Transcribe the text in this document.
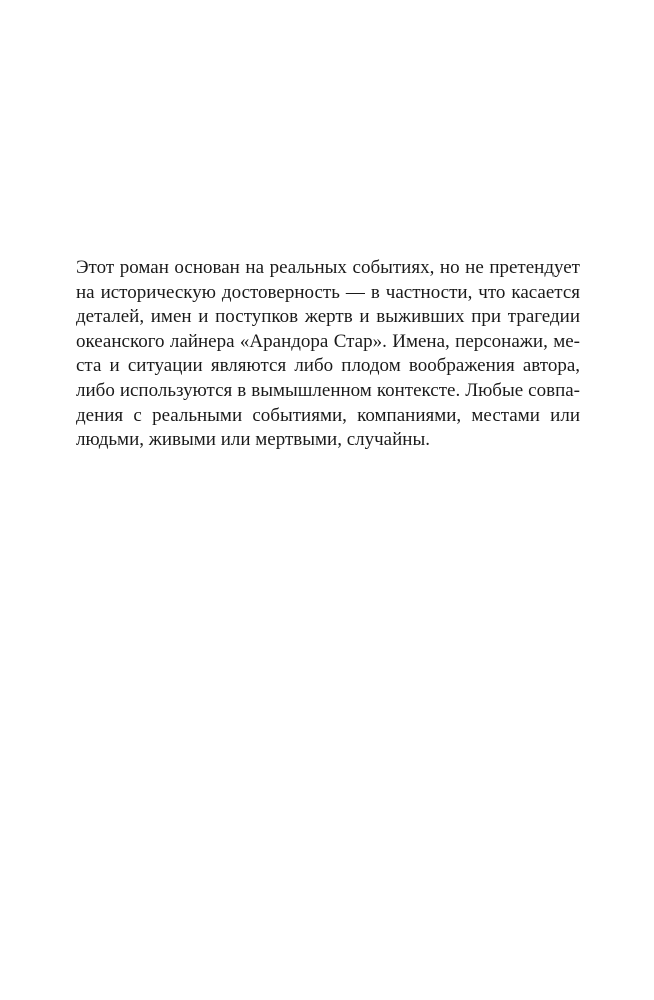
Этот роман основан на реальных событиях, но не претендует
на историческую достоверность — в частности, что касается
деталей, имен и поступков жертв и выживших при трагедии
океанского лайнера «Арандора Стар». Имена, персонажи, ме-
ста и ситуации являются либо плодом воображения автора,
либо используются в вымышленном контексте. Любые совпа-
дения с реальными событиями, компаниями, местами или
людьми, живыми или мертвыми, случайны.
